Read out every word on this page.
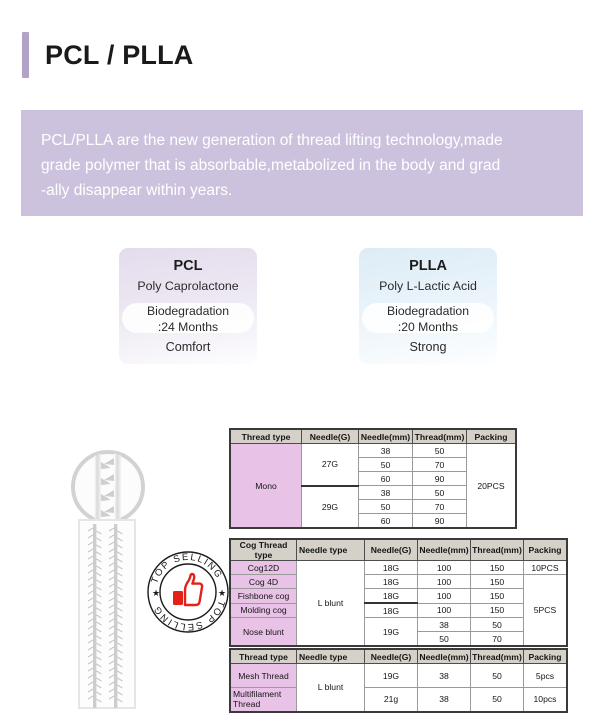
PCL / PLLA

PCL/PLLA are the new generation of thread lifting technology,made

grade polymer that is absorbable,metabolized in the body and grad

-ally disappear within years.

PCL
Poly Caprolactone
Biodegradation
:24 Months
Comfort
PLLA
Poly L-Lactic Acid
Biodegradation
:20 Months
Strong
TOP SELLING
TOP SELLING
★	★
Thread type	Needle(G)	Needle(mm)	Thread(mm)	Packing
Mono	27G	38	50	20PCS
		50	70	
		60	90	
	29G	38	50	
		50	70	
		60	90	
Cog Thread type	Needle type	Needle(G)	Needle(mm)	Thread(mm)	Packing
Cog12D	L blunt	18G	100	150	10PCS
Cog 4D		18G	100	150	5PCS
Fishbone cog		18G	100	150	
Molding cog		18G	100	150	
Nose blunt		19G	38	50	
			50	70	
Thread type	Needle type	Needle(G)	Needle(mm)	Thread(mm)	Packing
Mesh Thread	L blunt	19G	38	50	5pcs
Multifilament Thread		21g	38	50	10pcs
